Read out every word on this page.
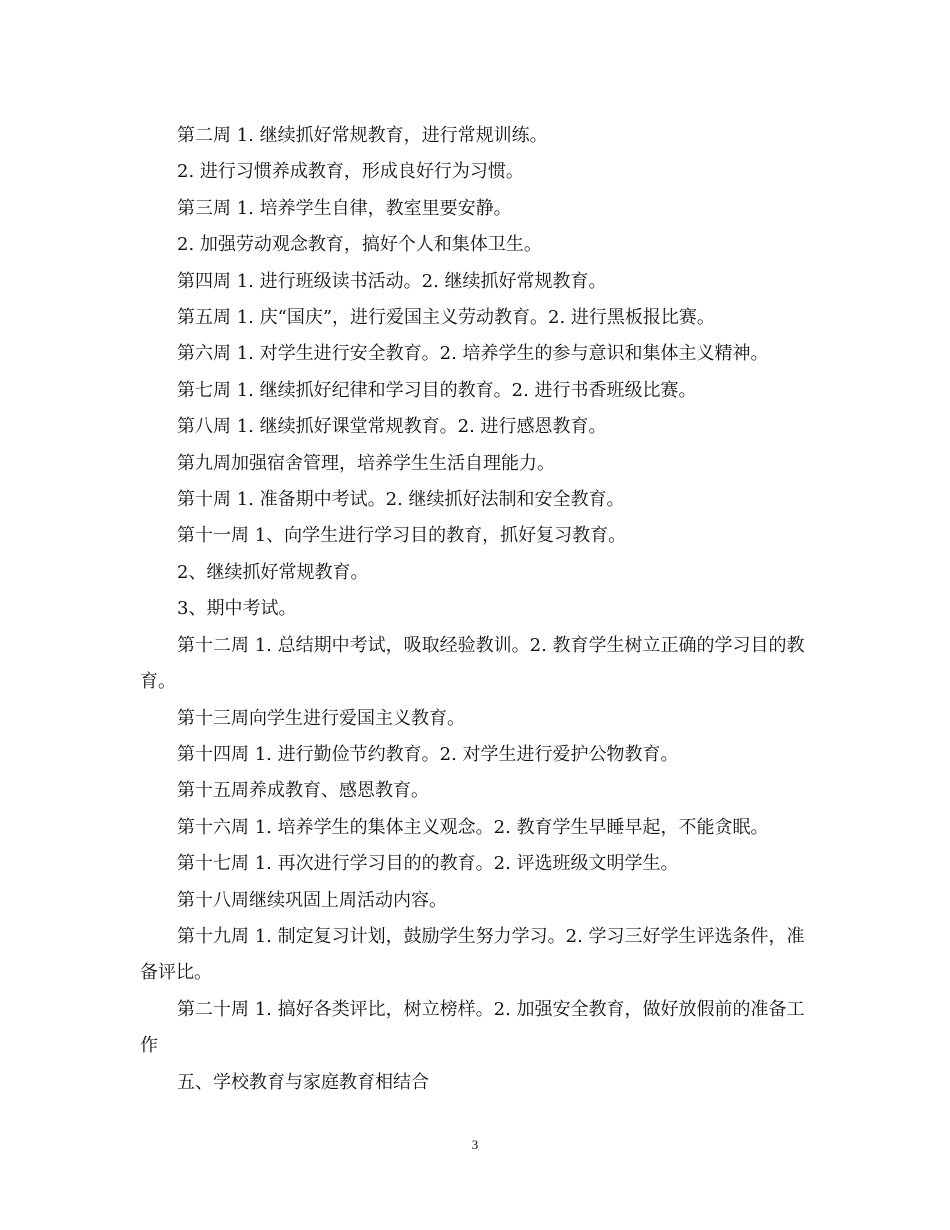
第二周 1. 继续抓好常规教育，进行常规训练。

2. 进行习惯养成教育，形成良好行为习惯。

第三周 1. 培养学生自律，教室里要安静。

2. 加强劳动观念教育，搞好个人和集体卫生。

第四周 1. 进行班级读书活动。2. 继续抓好常规教育。

第五周 1. 庆“国庆”，进行爱国主义劳动教育。2. 进行黑板报比赛。

第六周 1. 对学生进行安全教育。2. 培养学生的参与意识和集体主义精神。

第七周 1. 继续抓好纪律和学习目的教育。2. 进行书香班级比赛。

第八周 1. 继续抓好课堂常规教育。2. 进行感恩教育。

第九周加强宿舍管理，培养学生生活自理能力。

第十周 1. 准备期中考试。2. 继续抓好法制和安全教育。

第十一周 1、向学生进行学习目的教育，抓好复习教育。

2、继续抓好常规教育。

3、期中考试。

第十二周 1. 总结期中考试，吸取经验教训。2. 教育学生树立正确的学习目的教育。

第十三周向学生进行爱国主义教育。

第十四周 1. 进行勤俭节约教育。2. 对学生进行爱护公物教育。

第十五周养成教育、感恩教育。

第十六周 1. 培养学生的集体主义观念。2. 教育学生早睡早起，不能贪眠。

第十七周 1. 再次进行学习目的的教育。2. 评选班级文明学生。

第十八周继续巩固上周活动内容。

第十九周 1. 制定复习计划，鼓励学生努力学习。2. 学习三好学生评选条件，准备评比。

第二十周 1. 搞好各类评比，树立榜样。2. 加强安全教育，做好放假前的准备工作

五、学校教育与家庭教育相结合

3
